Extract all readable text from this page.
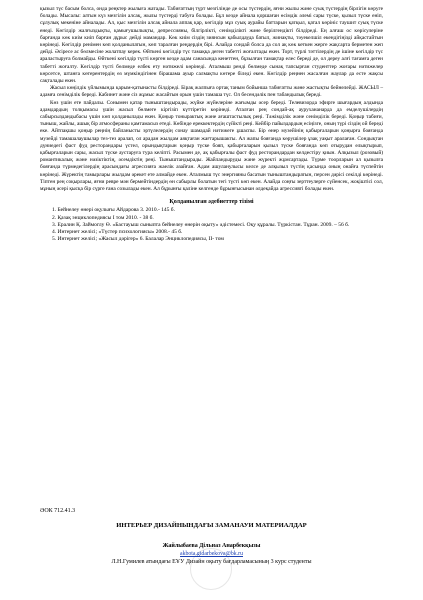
қызыл түс басым болса, онда реңктер жылыға жатады. Табиғаттың түрт мезгілінде де осы түстердің, яғни жылы және суық түстердің бірлігін көруге болады. Мысалы: алтын күз мезгілін алсақ, жылы түстерді табуға болады. Бұл кезде айнала қоршаған өсімдік әлемі сары түске, қызыл түске еніп, сұлулық мекеніне айналады. Ал, қыс мезгілін алсақ айнала аппақ қар, көгілдір мұз суық аурайы баттарын қатқыл, қатал көрініс таушит суық түске енеді. Көгілдір жалғыздықты, қамығушылықты, депрессияны, білгірлікті, сенімділікті және берілгендікті білдіреді. Ең алғаш ос көрісулеріне барғанда көк киім киіп барған дұрыс дейді мамандар. Көк киім сіздің зиянсын қабылдауда батыл, жинақты, тәуекелшіл екендігіңізді айқастайтын көрінеді. Көгілдір ренімен көп қолданылатын, көп таралған реңдердің бірі. Алайда сондай болса да сол ақ көк кеткен жерге жақсарта берметен жеп дейді. Әсіресе ас бөлмесіне жолатпау керек. Өйткені көгілдір түс тамаққа деген табетті жоғалтады екен. Торт, түрлі тәттілердің де ішіне көгілдір түс араластыруға болмайды. Өйткені көгілдір түсті көрген кезде адам санасында кенеттен, бұзылған тамақтар елес береді де, ол дереу алғі тағамға деген табетті жоғалту. Көгілдір түсті бөлмеде елбек ету нәтижелі көрінеді. Аталмыш ренді бөлмеде сынақ тапсырған студенттер жоғары нәтижелер көрсетсе, штанға көтерентердің өз мүмкіндігінен бірашама ауыр салмақты көтере біледі екен. Көгілдір реңнен жасалған жаулар да есте жақсы сақталады екен.

Жасыл көңілдік үйлымында қарым-қатынасты білдіреді. Бірақ жалпыға ортақ таным бойынша табиғатты және жастықты бейнелейді. ЖАСЫЛ – адамға сенімділік береді. Кабинет және сіз жұмыс жасайтын орын үшін тамаша түс. Ол бесендәлік пен табандылық береді.

Көз үшін ете пайдалы. Сонымен қатар тыныштандырады, жүйке жүйелеріне жағымды әсер береді. Телевизорда эфирге шығардың алдында адамдардың толқымасы үшін жасыл бөлмеге кіргізіп күттіретін көрінеді. Аталған рең сондай-ақ аурухананарда да емделушілердің сабырсыздандыбасы үшін көп қолданылады екен. Қоңыр тонырактық және ағаштастылық реңі. Тәжімділік және сенімділік береді. Қоңыр табиғи, тыныш, жайлы, ашық бір атмосфераны қамтамасыз етеді. Көбінде ереккектердің сүйікті реңі. Кейбір пайыздардың есіңізге, оның түрі сіздің ой береді еке. Айтпақшы қоңыр реңнің байланысты эртүлелердің сонау шамадай нәтижеге ұшаспы. Бір өнер музейінің қабырғаларын қоңырға бояғанда музейді тамашалаушылар тез-тез аралап, ол арадан жылдам аяқтаған жағтарышакты. Ал жапы бояғанда көрушілер ұзақ уақыт аралаған. Сондықтан дүниедегі фаст фуд ресторандары үстел, орындықтарын қоңыр түске бояп, қабырғаларын қызыл түске бояғанда көп отырудан елықтырып, қабырғаларын сары, жасыл түске аустаруға тура келіпті. Расымен де, ақ қабырғалы фаст фуд ресторандардан келдестіру қиын. Алқызыл (розовый) романтикалық және нәзіктіктің, әсемдіктің реңі. Тыныштандырады. Жайландыруды және жүректі жұмсартады. Түрме тоорларын ал қызылға бояғанда түрмедегілердің арасындағы агрессияға жаелік азайған. Адам ашуланулысы келсе де алқызыл түстің қасында оның онайға түспейтін көрінеді. Жүректің тамырлары жылдам әрекет ете алмайде екен. Аталмыш түс энергияны басатын тыныштандыратын, персен дәрісі секілді көрінеді. Тіптен рең соқырлары, яғни ревре мән бермейтіндердің өн сабырлы болатын тегі түсті көп екен. Алайда соңғы зерттеулерге сүйенсек, жоқіштісі сол, мұның әсері қысқа бір сүрге ғана созылады екен. Ал бұрынғы қаліне келгенде бұрынғысынан әлдеқайда агрессивті болады екен.

Қолданылған әдебиеттер тізімі
1. Бейнелеу өнері оқулығы Айдарова 3. 2010.- 145 б.
2. Қазақ энциклопедиясы I том 2010. - 38 б.
3. Ералин Қ. Займоглу Ө. «Бастауыш сыныпта бейнелеу өнерін оқыту» әдістемесі. Оқу құралы. Түркістан. Тұран. 2009. – 56 б.
4. Интернет желісі; «Түстер психологиясы» 2008.- 45 б.
5. Интернет желісі; «Жасыл дәрігер» 6. Балалар Энциклопедиясы, II- том
ӘОК 712.41.3
ИНТЕРЬЕР ДИЗАЙНЫНДАҒЫ ЗАМАНАУИ МАТЕРИАЛДАР
Жайлыбаева Дільназ Анарбекқызы
akbota.gidarbekova@bk.ru
Л.Н.Гумилев атындағы ЕҰУ Дизайн оқыту бағдарламасының 3 курс студенты
